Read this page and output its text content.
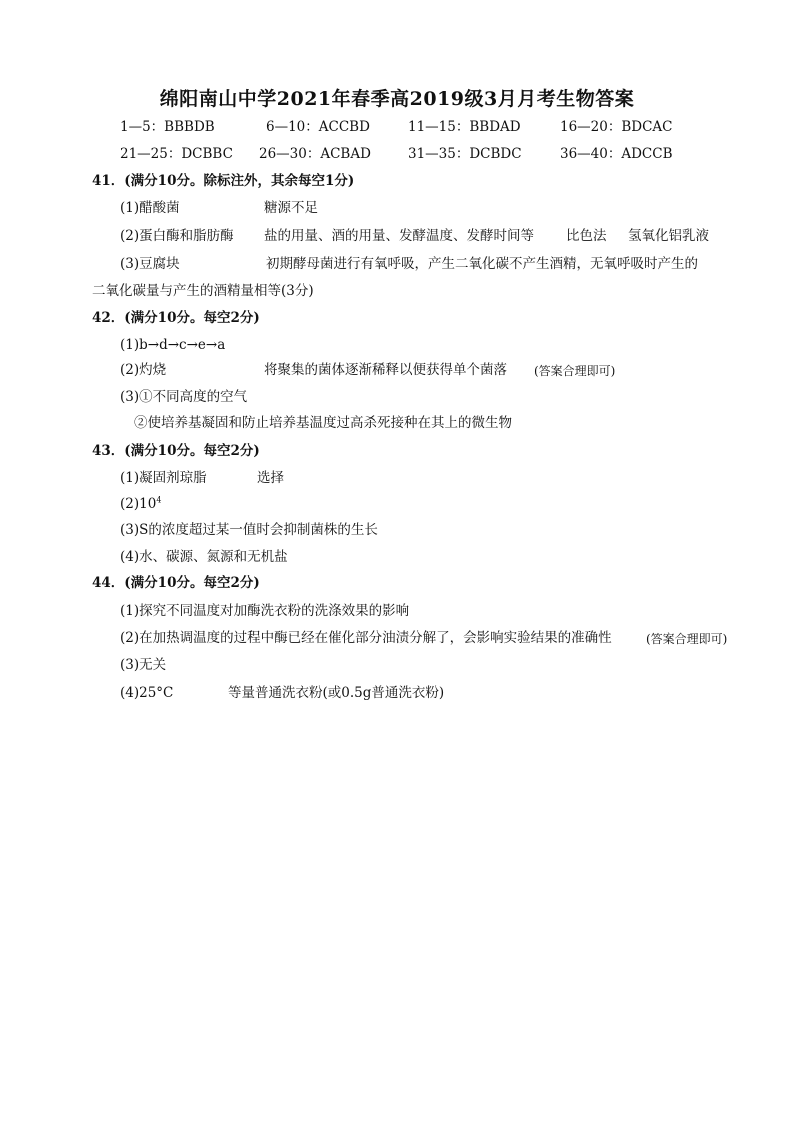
绵阳南山中学2021年春季高2019级3月月考生物答案
1—5：BBBDB	6—10：ACCBD	11—15：BBDAD	16—20：BDCAC
21—25：DCBBC 26—30：ACBAD	31—35：DCBDC	36—40：ADCCB
41．(满分10分。除标注外，其余每空1分)
(1)醋酸菌	糖源不足
(2)蛋白酶和脂肪酶 盐的用量、酒的用量、发酵温度、发酵时间等 比色法 氢氧化铝乳液
(3)豆腐块	初期酵母菌进行有氧呼吸，产生二氧化碳不产生酒精，无氧呼吸时产生的
二氧化碳量与产生的酒精量相等(3分)
42．(满分10分。每空2分)
(1)b→d→c→e→a
(2)灼烧	将聚集的菌体逐渐稀释以便获得单个菌落 (答案合理即可)
(3)①不同高度的空气
②使培养基凝固和防止培养基温度过高杀死接种在其上的微生物
43．(满分10分。每空2分)
(1)凝固剂琼脂	选择
$(2)10^4$
(3)S的浓度超过某一值时会抑制菌株的生长
(4)水、碳源、氮源和无机盐
44．(满分10分。每空2分)
(1)探究不同温度对加酶洗衣粉的洗涤效果的影响
(2)在加热调温度的过程中酶已经在催化部分油渍分解了，会影响实验结果的准确性	(答案合理即可)
(3)无关
(4)25°C	等量普通洗衣粉(或0.5g普通洗衣粉)
